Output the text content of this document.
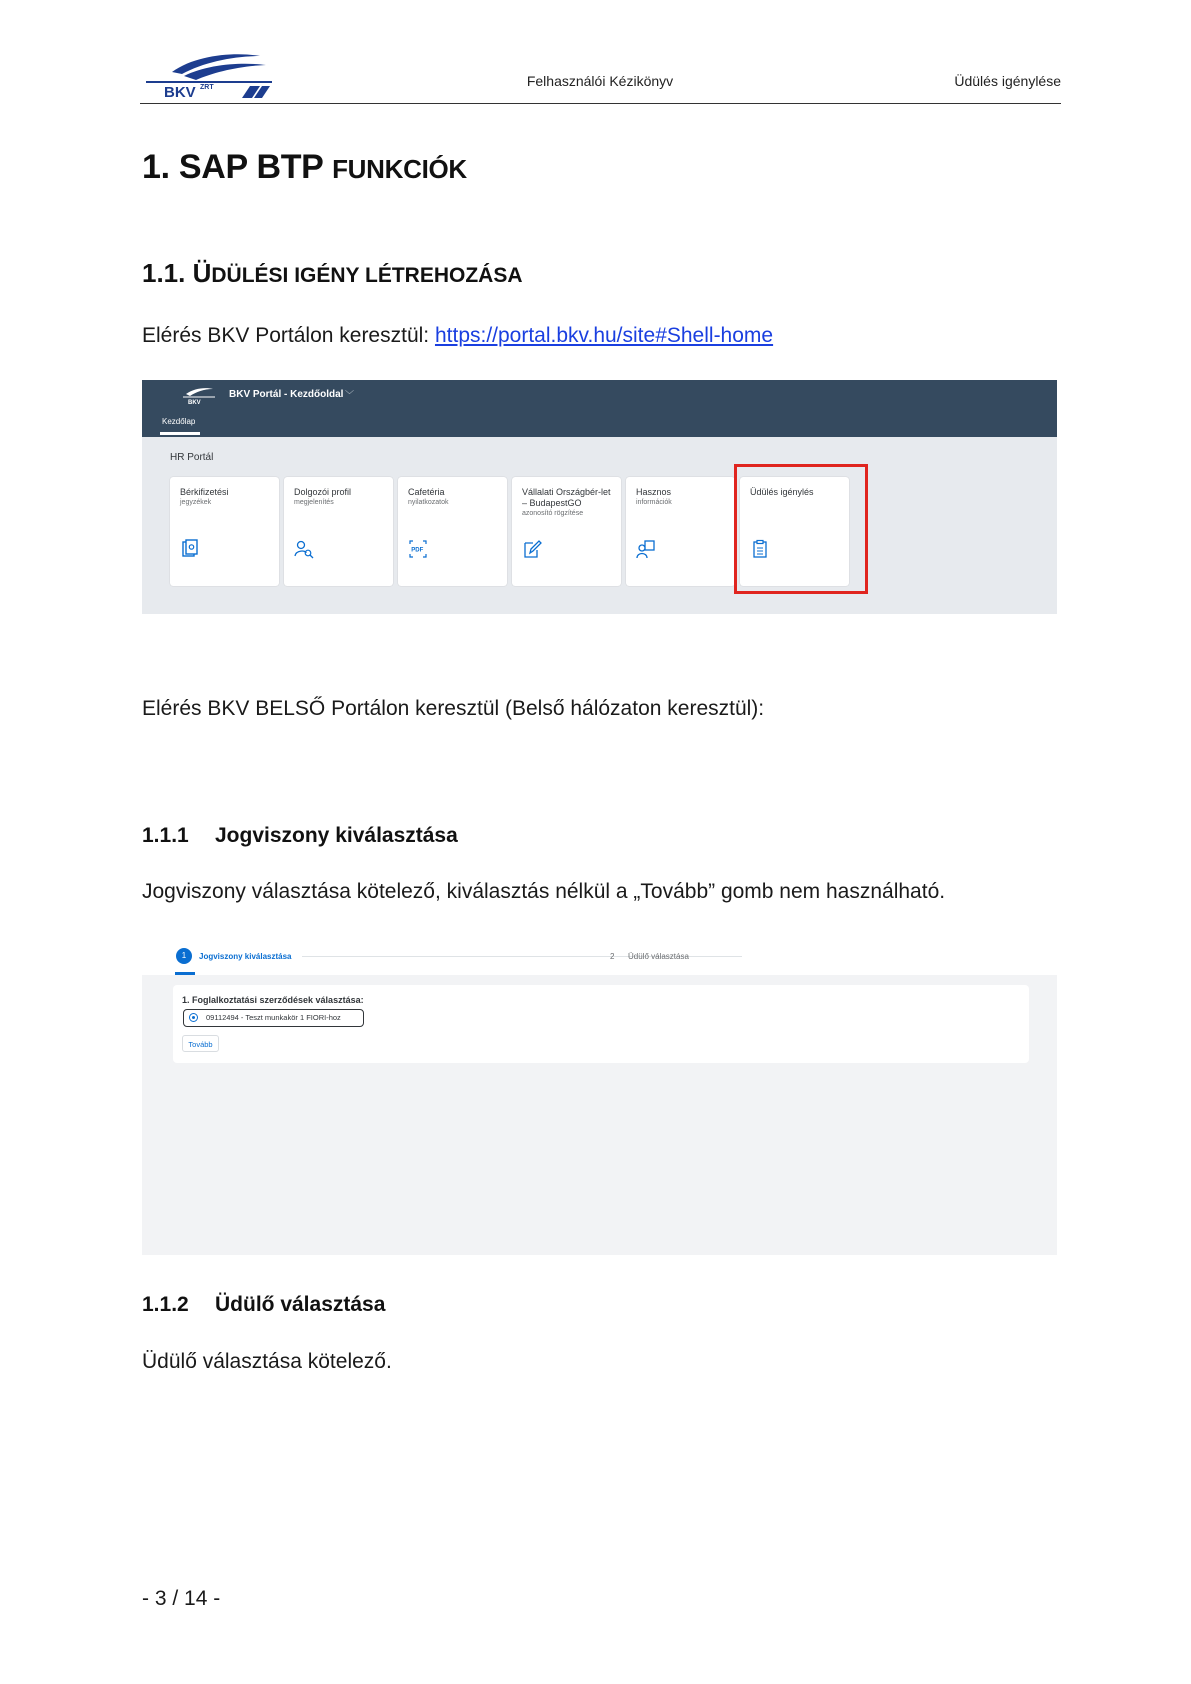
BKV ZRT	Felhasználói Kézikönyv	Üdülés igénylése
1. SAP BTP FUNKCIÓK
1.1. ÜDÜLÉSI IGÉNY LÉTREHOZÁSA
Elérés BKV Portálon keresztül: https://portal.bkv.hu/site#Shell-home
BKV
BKV Portál - Kezdőoldal ﹀
Kezdőlap
HR Portál
Bérkifizetési
jegyzékek
Dolgozói profil
megjelenítés
Cafetéria
nyilatkozatok
PDF
Vállalati Országbér-let – BudapestGO
azonosító rögzítése
Hasznos
információk
Üdülés igénylés
Elérés BKV BELSŐ Portálon keresztül (Belső hálózaton keresztül):
1.1.1 Jogviszony kiválasztása
Jogviszony választása kötelező, kiválasztás nélkül a „Tovább” gomb nem használható.
1	Jogviszony kiválasztása	2 Üdülő választása
1. Foglalkoztatási szerződések választása:
09112494 - Teszt munkakör 1 FIORI-hoz
Tovább
1.1.2 Üdülő választása
Üdülő választása kötelező.
- 3 / 14 -
